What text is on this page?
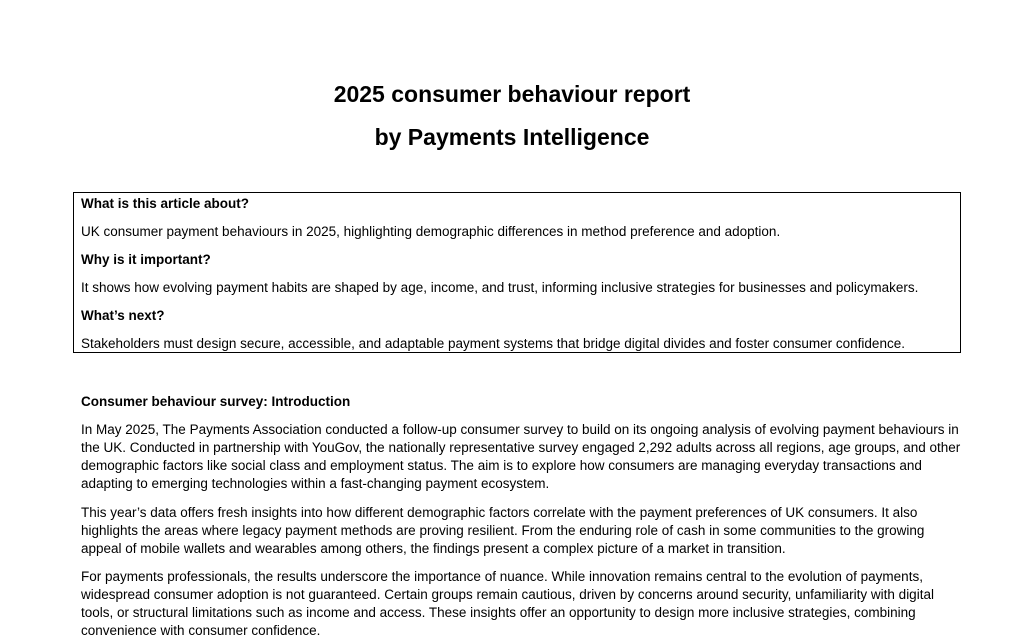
2025 consumer behaviour report
by Payments Intelligence
What is this article about?
UK consumer payment behaviours in 2025, highlighting demographic differences in method preference and adoption.
Why is it important?
It shows how evolving payment habits are shaped by age, income, and trust, informing inclusive strategies for businesses and policymakers.
What’s next?
Stakeholders must design secure, accessible, and adaptable payment systems that bridge digital divides and foster consumer confidence.
Consumer behaviour survey: Introduction

In May 2025, The Payments Association conducted a follow-up consumer survey to build on its ongoing analysis of evolving payment behaviours in the UK. Conducted in partnership with YouGov, the nationally representative survey engaged 2,292 adults across all regions, age groups, and other demographic factors like social class and employment status. The aim is to explore how consumers are managing everyday transactions and adapting to emerging technologies within a fast-changing payment ecosystem.

This year’s data offers fresh insights into how different demographic factors correlate with the payment preferences of UK consumers. It also highlights the areas where legacy payment methods are proving resilient. From the enduring role of cash in some communities to the growing appeal of mobile wallets and wearables among others, the findings present a complex picture of a market in transition.

For payments professionals, the results underscore the importance of nuance. While innovation remains central to the evolution of payments, widespread consumer adoption is not guaranteed. Certain groups remain cautious, driven by concerns around security, unfamiliarity with digital tools, or structural limitations such as income and access. These insights offer an opportunity to design more inclusive strategies, combining convenience with consumer confidence.
